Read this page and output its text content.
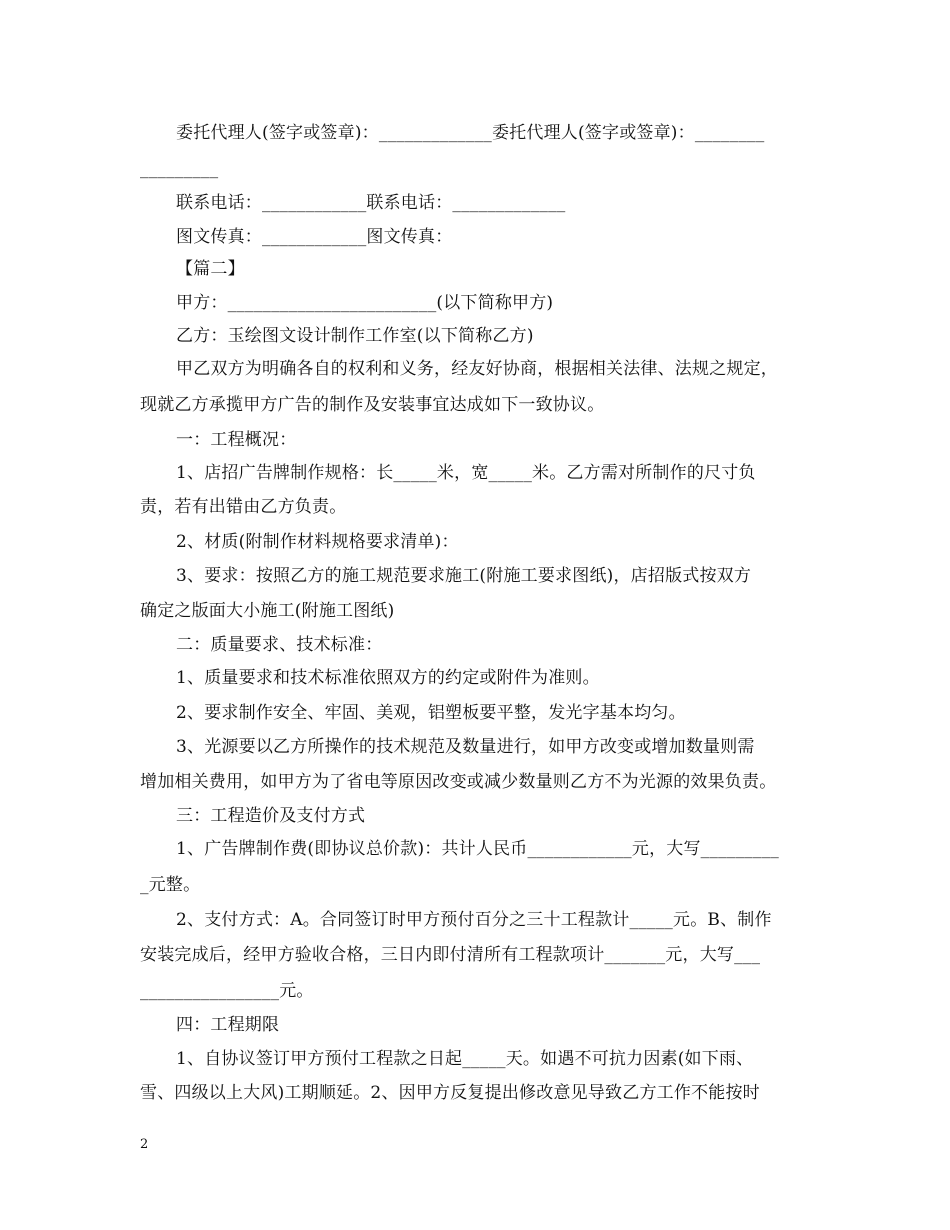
委托代理人(签字或签章)：_____________委托代理人(签字或签章)：________
_________
联系电话：____________联系电话：_____________
图文传真：____________图文传真：
【篇二】
甲方：________________________(以下简称甲方)
乙方：玉绘图文设计制作工作室(以下简称乙方)
甲乙双方为明确各自的权利和义务，经友好协商，根据相关法律、法规之规定，
现就乙方承揽甲方广告的制作及安装事宜达成如下一致协议。
一：工程概况：
1、店招广告牌制作规格：长_____米，宽_____米。乙方需对所制作的尺寸负
责，若有出错由乙方负责。
2、材质(附制作材料规格要求清单)：
3、要求：按照乙方的施工规范要求施工(附施工要求图纸)，店招版式按双方
确定之版面大小施工(附施工图纸)
二：质量要求、技术标准：
1、质量要求和技术标准依照双方的约定或附件为准则。
2、要求制作安全、牢固、美观，铝塑板要平整，发光字基本均匀。
3、光源要以乙方所操作的技术规范及数量进行，如甲方改变或增加数量则需
增加相关费用，如甲方为了省电等原因改变或减少数量则乙方不为光源的效果负责。
三：工程造价及支付方式
1、广告牌制作费(即协议总价款)：共计人民币____________元，大写_________
_元整。
2、支付方式：A。合同签订时甲方预付百分之三十工程款计_____元。B、制作
安装完成后，经甲方验收合格，三日内即付清所有工程款项计_______元，大写___
________________元。
四：工程期限
1、自协议签订甲方预付工程款之日起_____天。如遇不可抗力因素(如下雨、
雪、四级以上大风)工期顺延。2、因甲方反复提出修改意见导致乙方工作不能按时
2
